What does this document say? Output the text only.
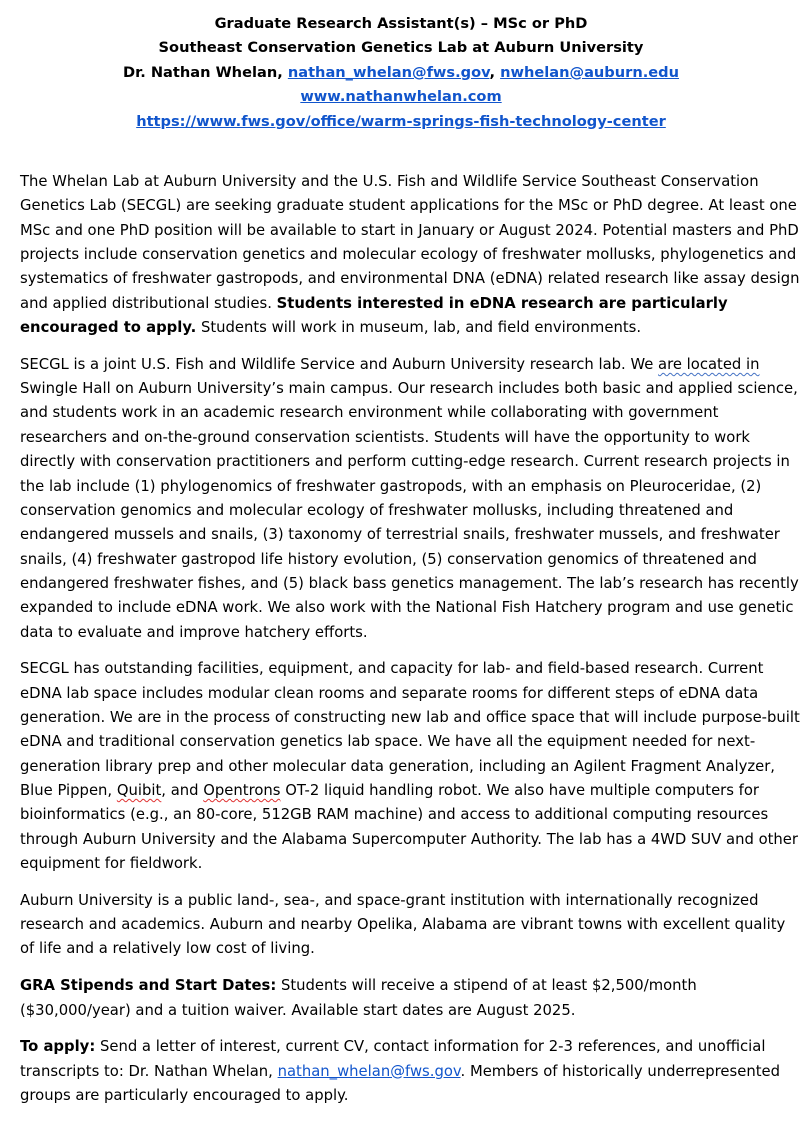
Graduate Research Assistant(s) – MSc or PhD
Southeast Conservation Genetics Lab at Auburn University
Dr. Nathan Whelan, nathan_whelan@fws.gov, nwhelan@auburn.edu
www.nathanwhelan.com
https://www.fws.gov/office/warm-springs-fish-technology-center

The Whelan Lab at Auburn University and the U.S. Fish and Wildlife Service Southeast Conservation Genetics Lab (SECGL) are seeking graduate student applications for the MSc or PhD degree. At least one MSc and one PhD position will be available to start in January or August 2024. Potential masters and PhD projects include conservation genetics and molecular ecology of freshwater mollusks, phylogenetics and systematics of freshwater gastropods, and environmental DNA (eDNA) related research like assay design and applied distributional studies. Students interested in eDNA research are particularly encouraged to apply. Students will work in museum, lab, and field environments.

SECGL is a joint U.S. Fish and Wildlife Service and Auburn University research lab. We are located in Swingle Hall on Auburn University’s main campus. Our research includes both basic and applied science, and students work in an academic research environment while collaborating with government researchers and on-the-ground conservation scientists. Students will have the opportunity to work directly with conservation practitioners and perform cutting-edge research. Current research projects in the lab include (1) phylogenomics of freshwater gastropods, with an emphasis on Pleuroceridae, (2) conservation genomics and molecular ecology of freshwater mollusks, including threatened and endangered mussels and snails, (3) taxonomy of terrestrial snails, freshwater mussels, and freshwater snails, (4) freshwater gastropod life history evolution, (5) conservation genomics of threatened and endangered freshwater fishes, and (5) black bass genetics management. The lab’s research has recently expanded to include eDNA work. We also work with the National Fish Hatchery program and use genetic data to evaluate and improve hatchery efforts.

SECGL has outstanding facilities, equipment, and capacity for lab- and field-based research. Current eDNA lab space includes modular clean rooms and separate rooms for different steps of eDNA data generation. We are in the process of constructing new lab and office space that will include purpose-built eDNA and traditional conservation genetics lab space. We have all the equipment needed for next-generation library prep and other molecular data generation, including an Agilent Fragment Analyzer, Blue Pippen, Quibit, and Opentrons OT-2 liquid handling robot. We also have multiple computers for bioinformatics (e.g., an 80-core, 512GB RAM machine) and access to additional computing resources through Auburn University and the Alabama Supercomputer Authority. The lab has a 4WD SUV and other equipment for fieldwork.

Auburn University is a public land-, sea-, and space-grant institution with internationally recognized research and academics. Auburn and nearby Opelika, Alabama are vibrant towns with excellent quality of life and a relatively low cost of living.

GRA Stipends and Start Dates: Students will receive a stipend of at least $2,500/month ($30,000/year) and a tuition waiver. Available start dates are August 2025.

To apply: Send a letter of interest, current CV, contact information for 2-3 references, and unofficial transcripts to: Dr. Nathan Whelan, nathan_whelan@fws.gov. Members of historically underrepresented groups are particularly encouraged to apply.
